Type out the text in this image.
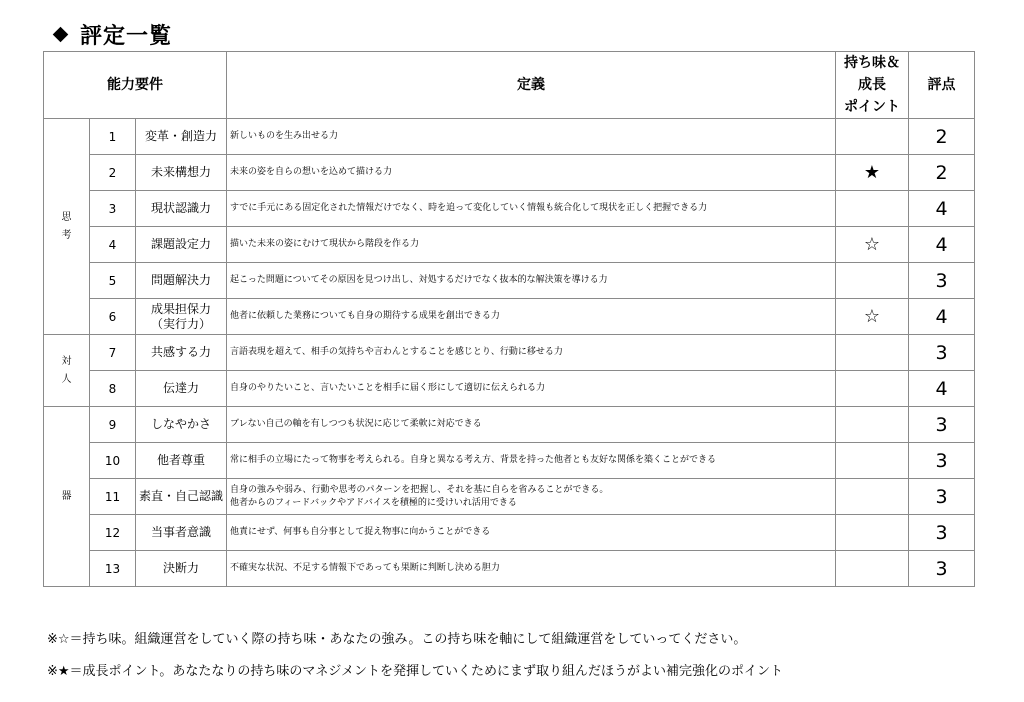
評定一覧
能力要件			定義	持ち味＆
成長
ポイント	評点
思考	1	変革・創造力	新しいものを生み出せる力		2
	2	未来構想力	未来の姿を自らの想いを込めて描ける力	★	2
	3	現状認識力	すでに手元にある固定化された情報だけでなく、時を追って変化していく情報も統合化して現状を正しく把握できる力		4
	4	課題設定力	描いた未来の姿にむけて現状から階段を作る力	☆	4
	5	問題解決力	起こった問題についてその原因を見つけ出し、対処するだけでなく抜本的な解決策を導ける力		3
	6	成果担保力
（実行力）	他者に依頼した業務についても自身の期待する成果を創出できる力	☆	4
対人	7	共感する力	言語表現を超えて、相手の気持ちや言わんとすることを感じとり、行動に移せる力		3
	8	伝達力	自身のやりたいこと、言いたいことを相手に届く形にして適切に伝えられる力		4
器	9	しなやかさ	ブレない自己の軸を有しつつも状況に応じて柔軟に対応できる		3
	10	他者尊重	常に相手の立場にたって物事を考えられる。自身と異なる考え方、背景を持った他者とも友好な関係を築くことができる		3
	11	素直・自己認識	自身の強みや弱み、行動や思考のパターンを把握し、それを基に自らを省みることができる。
他者からのフィードバックやアドバイスを積極的に受けいれ活用できる		3
	12	当事者意識	他責にせず、何事も自分事として捉え物事に向かうことができる		3
	13	決断力	不確実な状況、不足する情報下であっても果断に判断し決める胆力		3
※☆＝持ち味。組織運営をしていく際の持ち味・あなたの強み。この持ち味を軸にして組織運営をしていってください。
※★＝成長ポイント。あなたなりの持ち味のマネジメントを発揮していくためにまず取り組んだほうがよい補完強化のポイント
